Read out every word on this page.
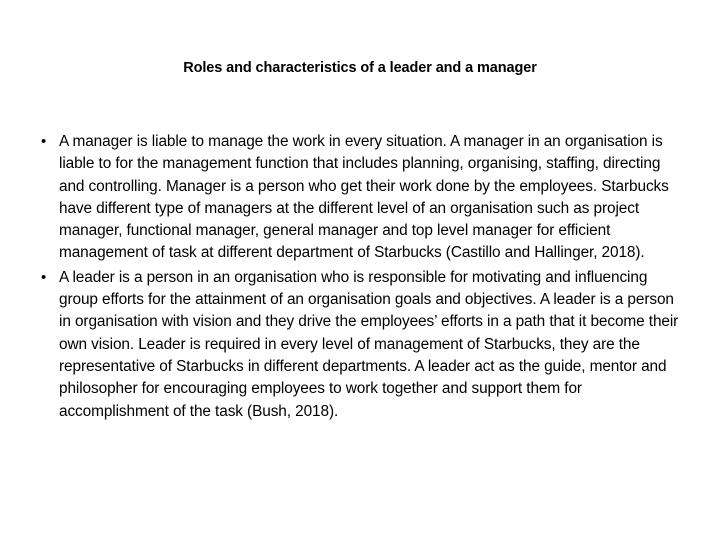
Roles and characteristics of a leader and a manager
• A manager is liable to manage the work in every situation. A manager in an organisation is liable to for the management function that includes planning, organising, staffing, directing and controlling. Manager is a person who get their work done by the employees. Starbucks have different type of managers at the different level of an organisation such as project manager, functional manager, general manager and top level manager for efficient   management of task at different department of Starbucks (Castillo and Hallinger, 2018).
• A leader is a person in an organisation who is responsible for motivating and influencing group efforts for the attainment of an organisation goals and objectives. A leader is a person in organisation with vision and they drive the employees’ efforts in a path that it become their own vision. Leader is required in every level of management of Starbucks, they are the representative of Starbucks in different departments. A leader act as the guide, mentor and philosopher for encouraging employees to work together and support them for accomplishment of the task (Bush, 2018).
